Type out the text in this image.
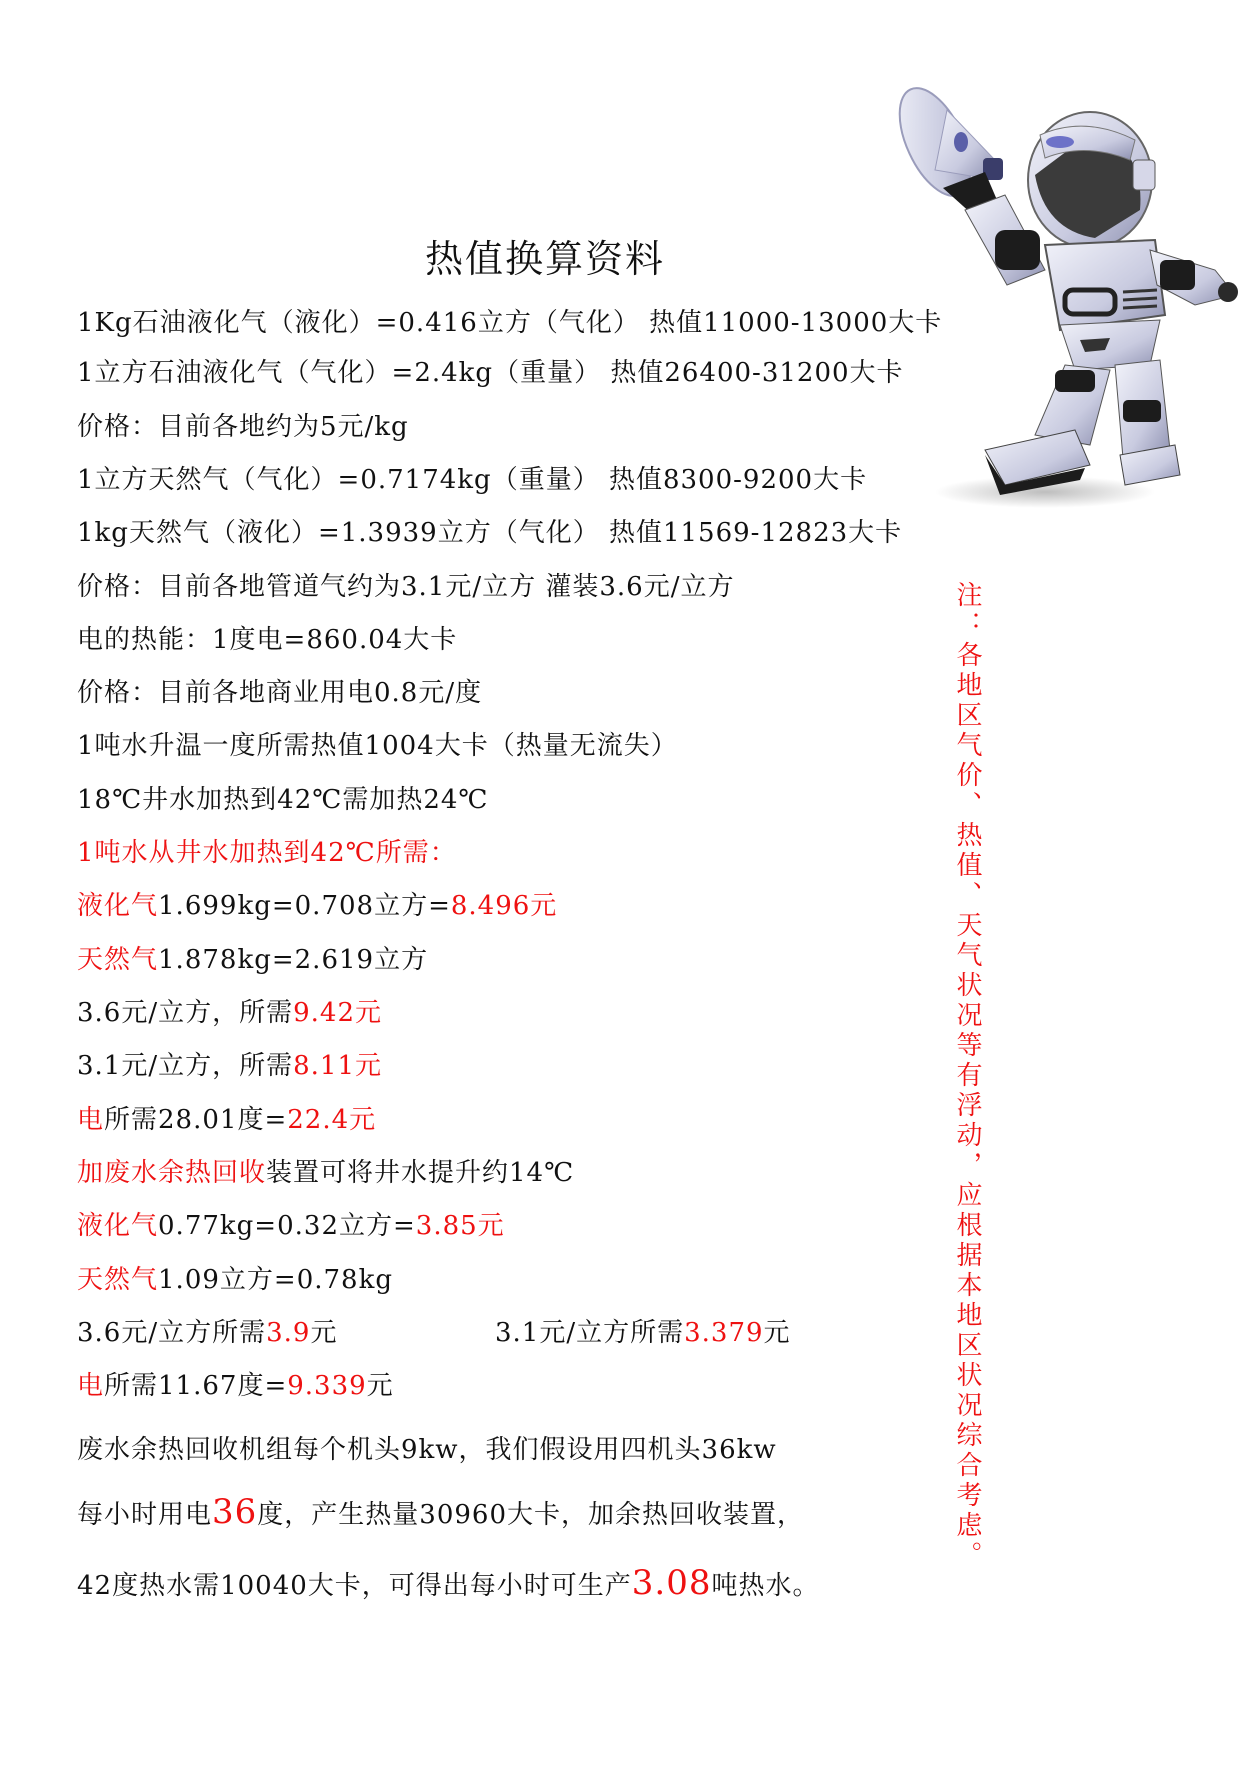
热值换算资料
1Kg石油液化气（液化）=0.416立方（气化） 热值11000-13000大卡
1立方石油液化气（气化）=2.4kg（重量） 热值26400-31200大卡
价格：目前各地约为5元/kg
1立方天然气（气化）=0.7174kg（重量） 热值8300-9200大卡
1kg天然气（液化）=1.3939立方（气化） 热值11569-12823大卡
价格：目前各地管道气约为3.1元/立方 灌装3.6元/立方
电的热能：1度电=860.04大卡
价格：目前各地商业用电0.8元/度
1吨水升温一度所需热值1004大卡（热量无流失）
18℃井水加热到42℃需加热24℃
1吨水从井水加热到42℃所需：
液化气1.699kg=0.708立方=8.496元
天然气1.878kg=2.619立方
3.6元/立方，所需9.42元
3.1元/立方，所需8.11元
电所需28.01度=22.4元
加废水余热回收装置可将井水提升约14℃
液化气0.77kg=0.32立方=3.85元
天然气1.09立方=0.78kg
3.6元/立方所需3.9元	3.1元/立方所需3.379元
电所需11.67度=9.339元
废水余热回收机组每个机头9kw，我们假设用四机头36kw
每小时用电36度，产生热量30960大卡，加余热回收装置，
42度热水需10040大卡，可得出每小时可生产3.08吨热水。
注：各地区气价、热值、天气状况等有浮动，应根据本地区状况综合考虑。
